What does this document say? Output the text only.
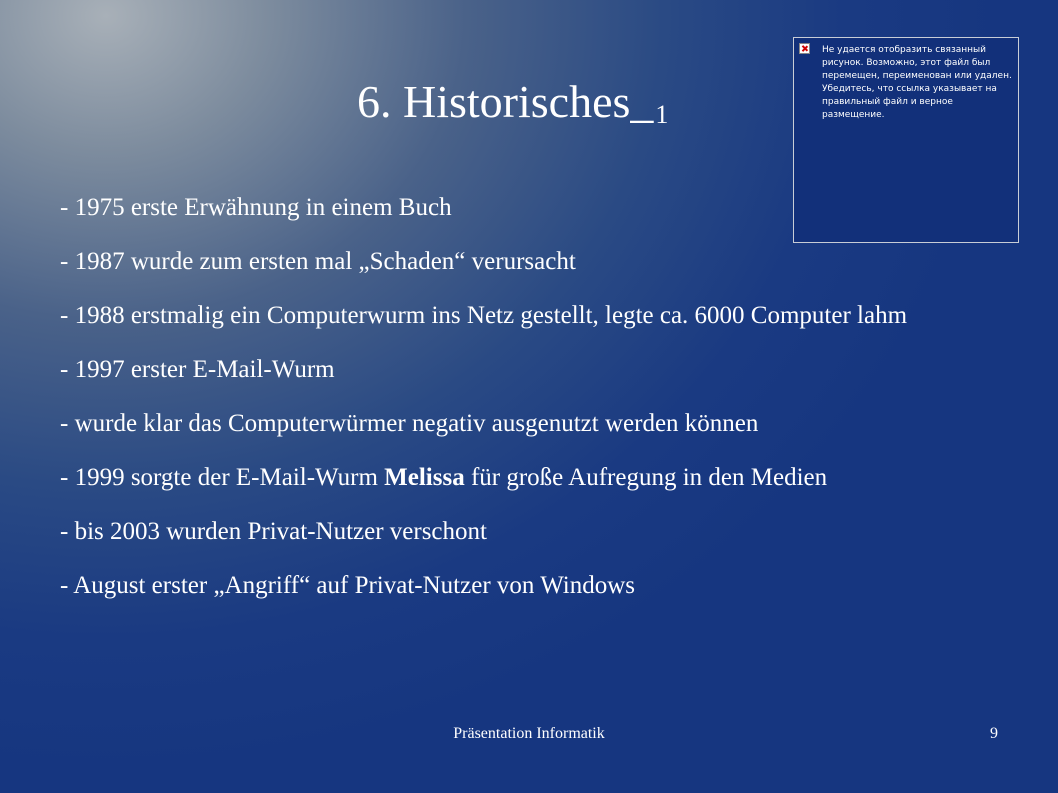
6. $Historisches\__1$
Не удается отобразить связанный рисунок. Возможно, этот файл был перемещен, переименован или удален. Убедитесь, что ссылка указывает на правильный файл и верное размещение.
- 1975 erste Erwähnung in einem Buch
- 1987 wurde zum ersten mal „Schaden“ verursacht
- 1988 erstmalig ein Computerwurm ins Netz gestellt, legte ca. 6000 Computer lahm
- 1997 erster E-Mail-Wurm
- wurde klar das Computerwürmer negativ ausgenutzt werden können
- 1999 sorgte der E-Mail-Wurm Melissa für große Aufregung in den Medien
- bis 2003 wurden Privat-Nutzer verschont
- August erster „Angriff“ auf Privat-Nutzer von Windows
Präsentation Informatik	9
